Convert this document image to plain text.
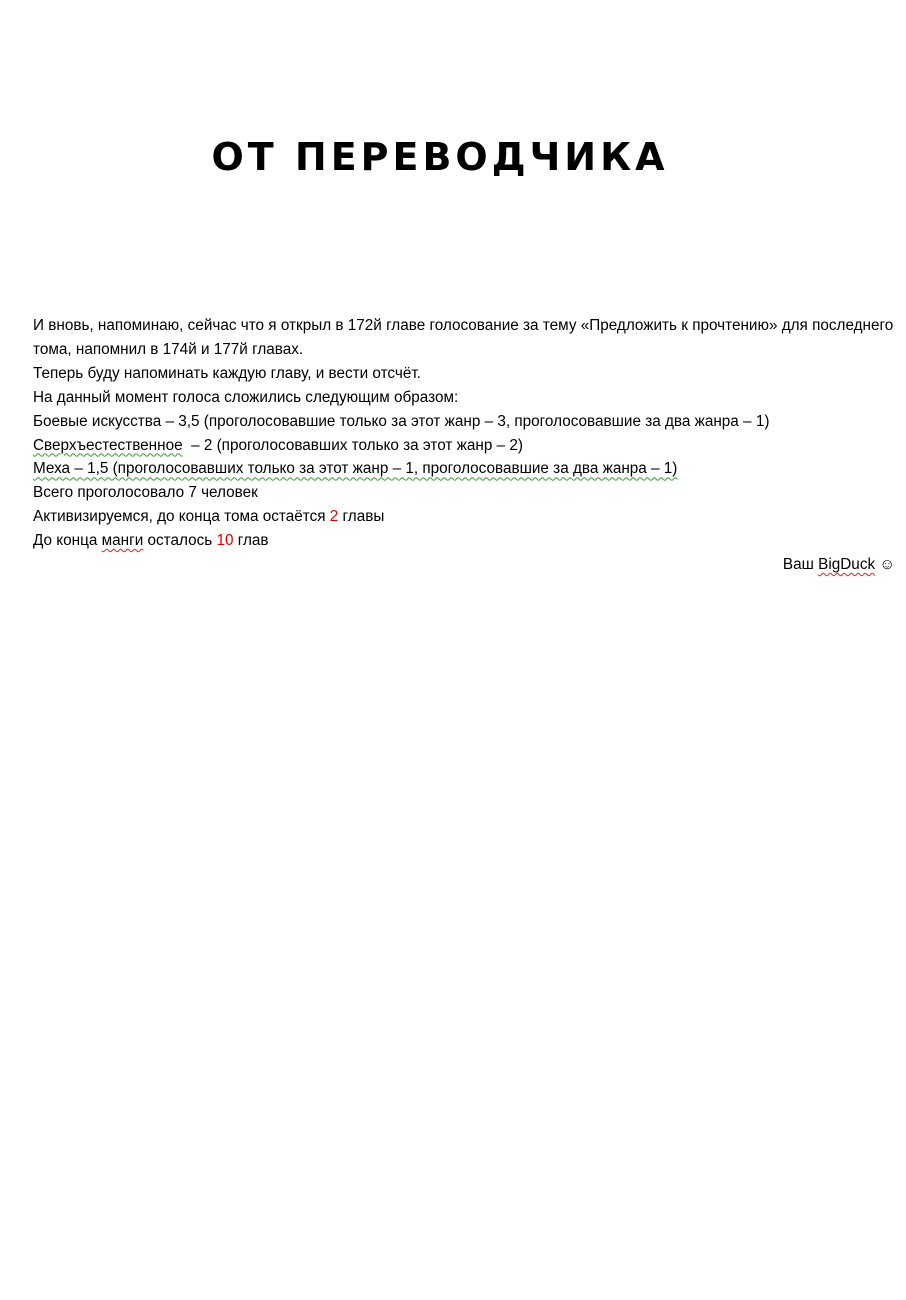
ОТ ПЕРЕВОДЧИКА
И вновь, напоминаю, сейчас что я открыл в 172й главе голосование за тему «Предложить к прочтению» для последнего тома, напомнил в 174й и 177й главах.
Теперь буду напоминать каждую главу, и вести отсчёт.
На данный момент голоса сложились следующим образом:
Боевые искусства – 3,5 (проголосовавшие только за этот жанр – 3, проголосовавшие за два жанра – 1)
Сверхъестественное  – 2 (проголосовавших только за этот жанр – 2)
Меха – 1,5 (проголосовавших только за этот жанр – 1, проголосовавшие за два жанра – 1)
Всего проголосовало 7 человек
Активизируемся, до конца тома остаётся 2 главы
До конца манги осталось 10 глав
Ваш BigDuck ☺
